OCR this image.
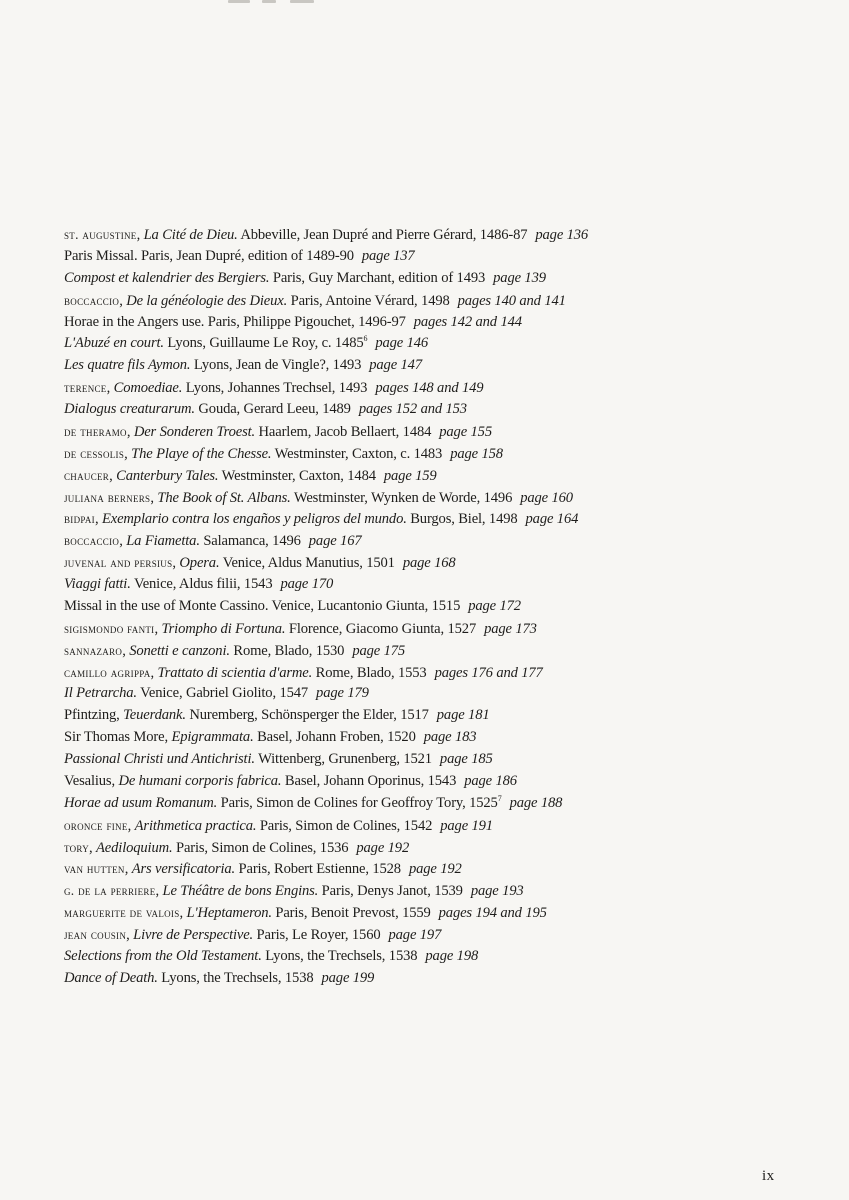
st. augustine, La Cité de Dieu. Abbeville, Jean Dupré and Pierre Gérard, 1486-87 page 136
Paris Missal. Paris, Jean Dupré, edition of 1489-90 page 137
Compost et kalendrier des Bergiers. Paris, Guy Marchant, edition of 1493 page 139
boccaccio, De la généologie des Dieux. Paris, Antoine Vérard, 1498 pages 140 and 141
Horae in the Angers use. Paris, Philippe Pigouchet, 1496-97 pages 142 and 144
L'Abuzé en court. Lyons, Guillaume Le Roy, c. 1485$^6$ page 146
Les quatre fils Aymon. Lyons, Jean de Vingle?, 1493 page 147
terence, Comoediae. Lyons, Johannes Trechsel, 1493 pages 148 and 149
Dialogus creaturarum. Gouda, Gerard Leeu, 1489 pages 152 and 153
de theramo, Der Sonderen Troest. Haarlem, Jacob Bellaert, 1484 page 155
de cessolis, The Playe of the Chesse. Westminster, Caxton, c. 1483 page 158
chaucer, Canterbury Tales. Westminster, Caxton, 1484 page 159
juliana berners, The Book of St. Albans. Westminster, Wynken de Worde, 1496 page 160
bidpai, Exemplario contra los engaños y peligros del mundo. Burgos, Biel, 1498 page 164
boccaccio, La Fiametta. Salamanca, 1496 page 167
juvenal and persius, Opera. Venice, Aldus Manutius, 1501 page 168
Viaggi fatti. Venice, Aldus filii, 1543 page 170
Missal in the use of Monte Cassino. Venice, Lucantonio Giunta, 1515 page 172
sigismondo fanti, Triompho di Fortuna. Florence, Giacomo Giunta, 1527 page 173
sannazaro, Sonetti e canzoni. Rome, Blado, 1530 page 175
camillo agrippa, Trattato di scientia d'arme. Rome, Blado, 1553 pages 176 and 177
Il Petrarcha. Venice, Gabriel Giolito, 1547 page 179
Pfintzing, Teuerdank. Nuremberg, Schönsperger the Elder, 1517 page 181
Sir Thomas More, Epigrammata. Basel, Johann Froben, 1520 page 183
Passional Christi und Antichristi. Wittenberg, Grunenberg, 1521 page 185
Vesalius, De humani corporis fabrica. Basel, Johann Oporinus, 1543 page 186
Horae ad usum Romanum. Paris, Simon de Colines for Geoffroy Tory, 1525$^7$ page 188
oronce fine, Arithmetica practica. Paris, Simon de Colines, 1542 page 191
tory, Aediloquium. Paris, Simon de Colines, 1536 page 192
van hutten, Ars versificatoria. Paris, Robert Estienne, 1528 page 192
g. de la perriere, Le Théâtre de bons Engins. Paris, Denys Janot, 1539 page 193
marguerite de valois, L'Heptameron. Paris, Benoit Prevost, 1559 pages 194 and 195
jean cousin, Livre de Perspective. Paris, Le Royer, 1560 page 197
Selections from the Old Testament. Lyons, the Trechsels, 1538 page 198
Dance of Death. Lyons, the Trechsels, 1538 page 199
ix
